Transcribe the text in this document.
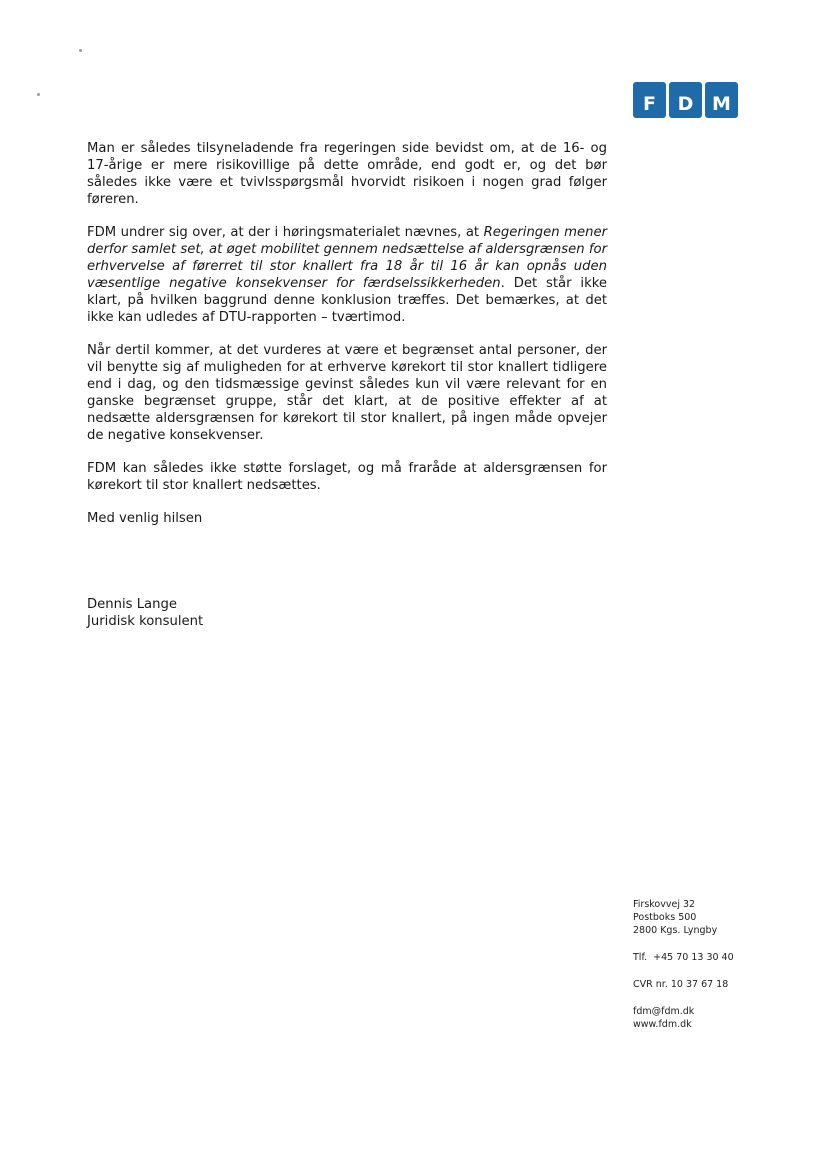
F	D M

Man er således tilsyneladende fra regeringen side bevidst om, at de 16- og 17-årige er mere risikovillige på dette område, end godt er, og det bør således ikke være et tvivlsspørgsmål hvorvidt risikoen i nogen grad følger føreren.

FDM undrer sig over, at der i høringsmaterialet nævnes, at Regeringen mener derfor samlet set, at øget mobilitet gennem nedsættelse af aldersgrænsen for erhvervelse af førerret til stor knallert fra 18 år til 16 år kan opnås uden væsentlige negative konsekvenser for færdselssikkerheden. Det står ikke klart, på hvilken baggrund denne konklusion træffes. Det bemærkes, at det ikke kan udledes af DTU-rapporten – tværtimod.

Når dertil kommer, at det vurderes at være et begrænset antal personer, der vil benytte sig af muligheden for at erhverve kørekort til stor knallert tidligere end i dag, og den tidsmæssige gevinst således kun vil være relevant for en ganske begrænset gruppe, står det klart, at de positive effekter af at nedsætte aldersgrænsen for kørekort til stor knallert, på ingen måde opvejer de negative konsekvenser.

FDM kan således ikke støtte forslaget, og må fraråde at aldersgrænsen for kørekort til stor knallert nedsættes.

Med venlig hilsen

Dennis Lange
Juridisk konsulent
Firskovvej 32
Postboks 500
2800 Kgs. Lyngby
Tlf.  +45 70 13 30 40
CVR nr. 10 37 67 18
fdm@fdm.dk
www.fdm.dk
